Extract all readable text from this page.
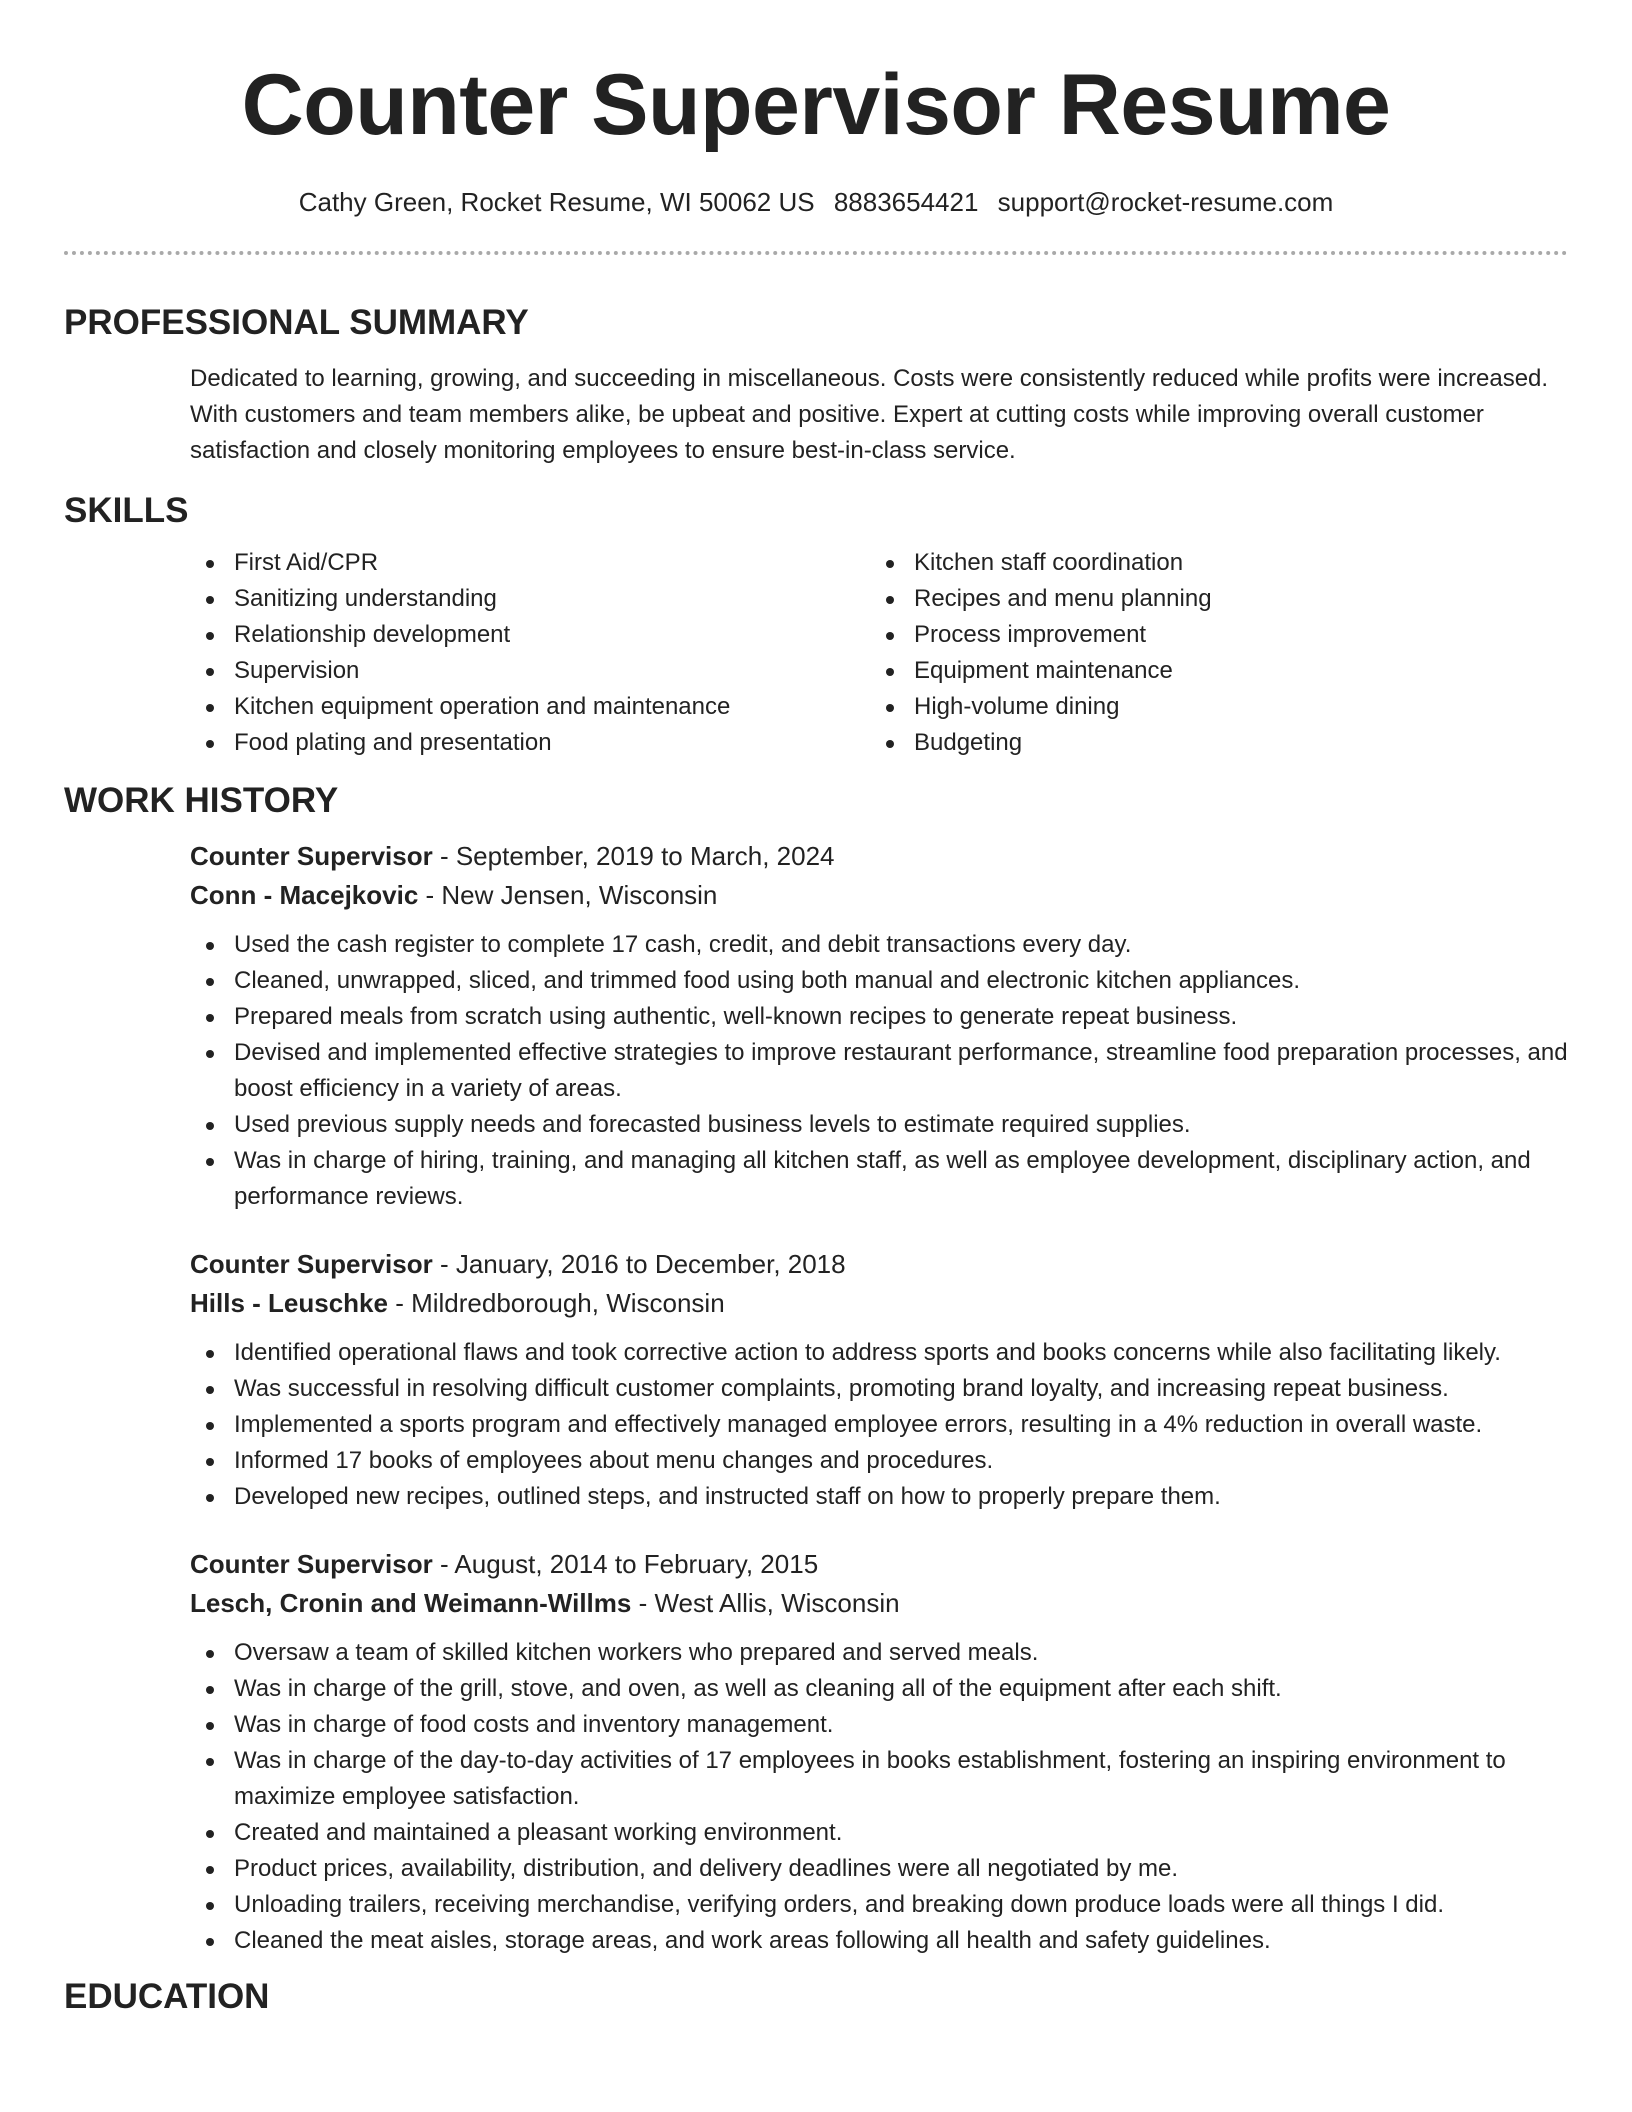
Counter Supervisor Resume
Cathy Green, Rocket Resume, WI 50062 US 8883654421 support@rocket-resume.com
PROFESSIONAL SUMMARY

Dedicated to learning, growing, and succeeding in miscellaneous. Costs were consistently reduced while profits were increased. With customers and team members alike, be upbeat and positive. Expert at cutting costs while improving overall customer satisfaction and closely monitoring employees to ensure best-in-class service.

SKILLS
First Aid/CPR
Sanitizing understanding
Relationship development
Supervision
Kitchen equipment operation and maintenance
Food plating and presentation
Kitchen staff coordination
Recipes and menu planning
Process improvement
Equipment maintenance
High-volume dining
Budgeting
WORK HISTORY
Counter Supervisor - September, 2019 to March, 2024
Conn - Macejkovic - New Jensen, Wisconsin
Used the cash register to complete 17 cash, credit, and debit transactions every day.
Cleaned, unwrapped, sliced, and trimmed food using both manual and electronic kitchen appliances.
Prepared meals from scratch using authentic, well-known recipes to generate repeat business.
Devised and implemented effective strategies to improve restaurant performance, streamline food preparation processes, and boost efficiency in a variety of areas.
Used previous supply needs and forecasted business levels to estimate required supplies.
Was in charge of hiring, training, and managing all kitchen staff, as well as employee development, disciplinary action, and performance reviews.
Counter Supervisor - January, 2016 to December, 2018
Hills - Leuschke - Mildredborough, Wisconsin
Identified operational flaws and took corrective action to address sports and books concerns while also facilitating likely.
Was successful in resolving difficult customer complaints, promoting brand loyalty, and increasing repeat business.
Implemented a sports program and effectively managed employee errors, resulting in a 4% reduction in overall waste.
Informed 17 books of employees about menu changes and procedures.
Developed new recipes, outlined steps, and instructed staff on how to properly prepare them.
Counter Supervisor - August, 2014 to February, 2015
Lesch, Cronin and Weimann-Willms - West Allis, Wisconsin
Oversaw a team of skilled kitchen workers who prepared and served meals.
Was in charge of the grill, stove, and oven, as well as cleaning all of the equipment after each shift.
Was in charge of food costs and inventory management.
Was in charge of the day-to-day activities of 17 employees in books establishment, fostering an inspiring environment to maximize employee satisfaction.
Created and maintained a pleasant working environment.
Product prices, availability, distribution, and delivery deadlines were all negotiated by me.
Unloading trailers, receiving merchandise, verifying orders, and breaking down produce loads were all things I did.
Cleaned the meat aisles, storage areas, and work areas following all health and safety guidelines.
EDUCATION
